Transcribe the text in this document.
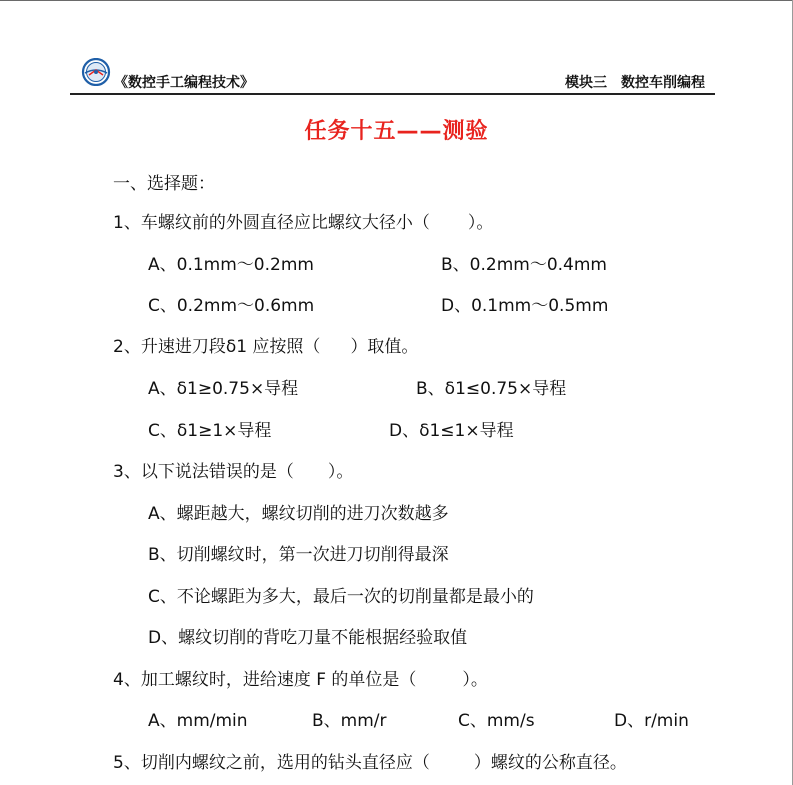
《数控手工编程技术》	模块三 数控车削编程
任务十五——测验
一、选择题：
1、车螺纹前的外圆直径应比螺纹大径小（ ）。
A、0.1mm～0.2mm	B、0.2mm～0.4mm
C、0.2mm～0.6mm	D、0.1mm～0.5mm
2、升速进刀段δ1 应按照（ ）取值。
A、δ1≥0.75×导程	B、δ1≤0.75×导程
C、δ1≥1×导程	D、δ1≤1×导程
3、以下说法错误的是（ ）。
A、螺距越大，螺纹切削的进刀次数越多
B、切削螺纹时，第一次进刀切削得最深
C、不论螺距为多大，最后一次的切削量都是最小的
D、螺纹切削的背吃刀量不能根据经验取值
4、加工螺纹时，进给速度 F 的单位是（	）。
A、mm/min	B、mm/r	C、mm/s	D、r/min
5、切削内螺纹之前，选用的钻头直径应（	）螺纹的公称直径。
